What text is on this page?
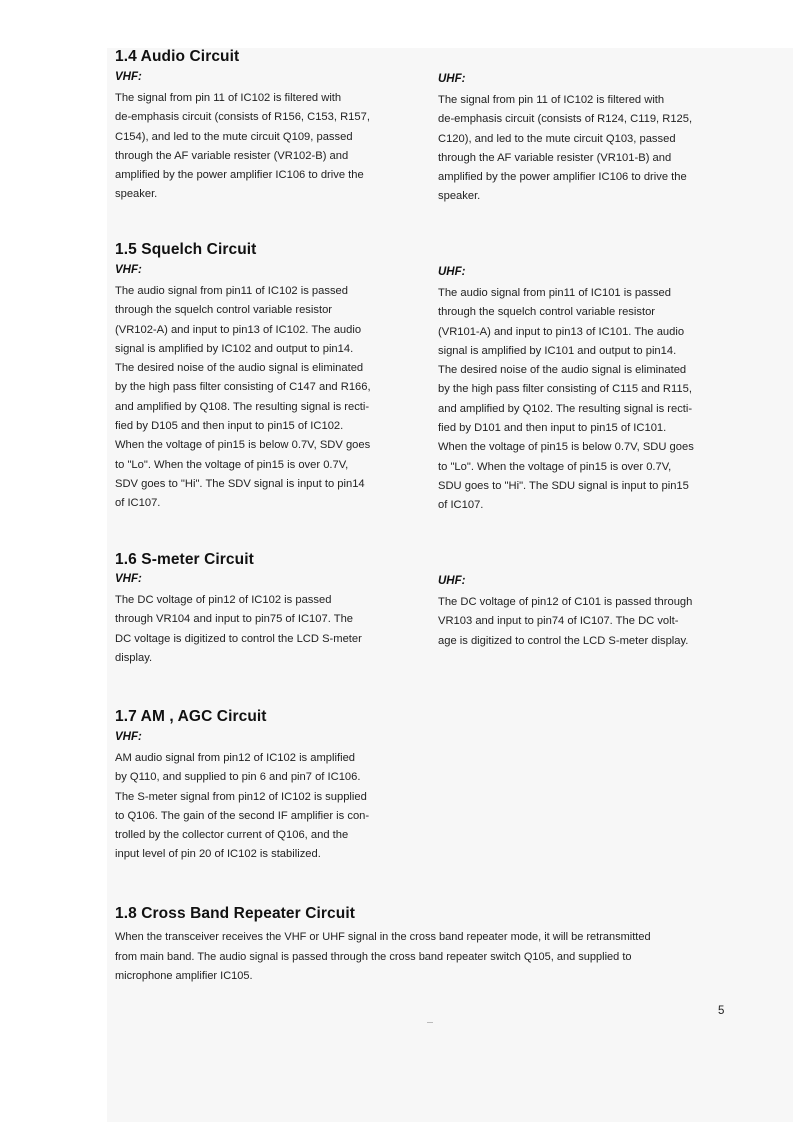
1.4 Audio Circuit
VHF:	UHF:
The signal from pin 11 of IC102 is filtered with
de-emphasis circuit (consists of R156, C153, R157,
C154), and led to the mute circuit Q109, passed
through the AF variable resister (VR102-B) and
amplified by the power amplifier IC106 to drive the
speaker.
The signal from pin 11 of IC102 is filtered with
de-emphasis circuit (consists of R124, C119, R125,
C120), and led to the mute circuit Q103, passed
through the AF variable resister (VR101-B) and
amplified by the power amplifier IC106 to drive the
speaker.
1.5 Squelch Circuit
VHF:	UHF:
The audio signal from pin11 of IC102 is passed
through the squelch control variable resistor
(VR102-A) and input to pin13 of IC102. The audio
signal is amplified by IC102 and output to pin14.
The desired noise of the audio signal is eliminated
by the high pass filter consisting of C147 and R166,
and amplified by Q108. The resulting signal is recti-
fied by D105 and then input to pin15 of IC102.
When the voltage of pin15 is below 0.7V, SDV goes
to "Lo". When the voltage of pin15 is over 0.7V,
SDV goes to "Hi". The SDV signal is input to pin14
of IC107.
The audio signal from pin11 of IC101 is passed
through the squelch control variable resistor
(VR101-A) and input to pin13 of IC101. The audio
signal is amplified by IC101 and output to pin14.
The desired noise of the audio signal is eliminated
by the high pass filter consisting of C115 and R115,
and amplified by Q102. The resulting signal is recti-
fied by D101 and then input to pin15 of IC101.
When the voltage of pin15 is below 0.7V, SDU goes
to "Lo". When the voltage of pin15 is over 0.7V,
SDU goes to "Hi". The SDU signal is input to pin15
of IC107.
1.6 S-meter Circuit
VHF:	UHF:
The DC voltage of pin12 of IC102 is passed
through VR104 and input to pin75 of IC107. The
DC voltage is digitized to control the LCD S-meter
display.
The DC voltage of pin12 of C101 is passed through
VR103 and input to pin74 of IC107. The DC volt-
age is digitized to control the LCD S-meter display.
1.7 AM , AGC Circuit
VHF:
AM audio signal from pin12 of IC102 is amplified
by Q110, and supplied to pin 6 and pin7 of IC106.
The S-meter signal from pin12 of IC102 is supplied
to Q106. The gain of the second IF amplifier is con-
trolled by the collector current of Q106, and the
input level of pin 20 of IC102 is stabilized.
1.8 Cross Band Repeater Circuit
When the transceiver receives the VHF or UHF signal in the cross band repeater mode, it will be retransmitted
from main band. The audio signal is passed through the cross band repeater switch Q105, and supplied to
microphone amplifier IC105.
5
